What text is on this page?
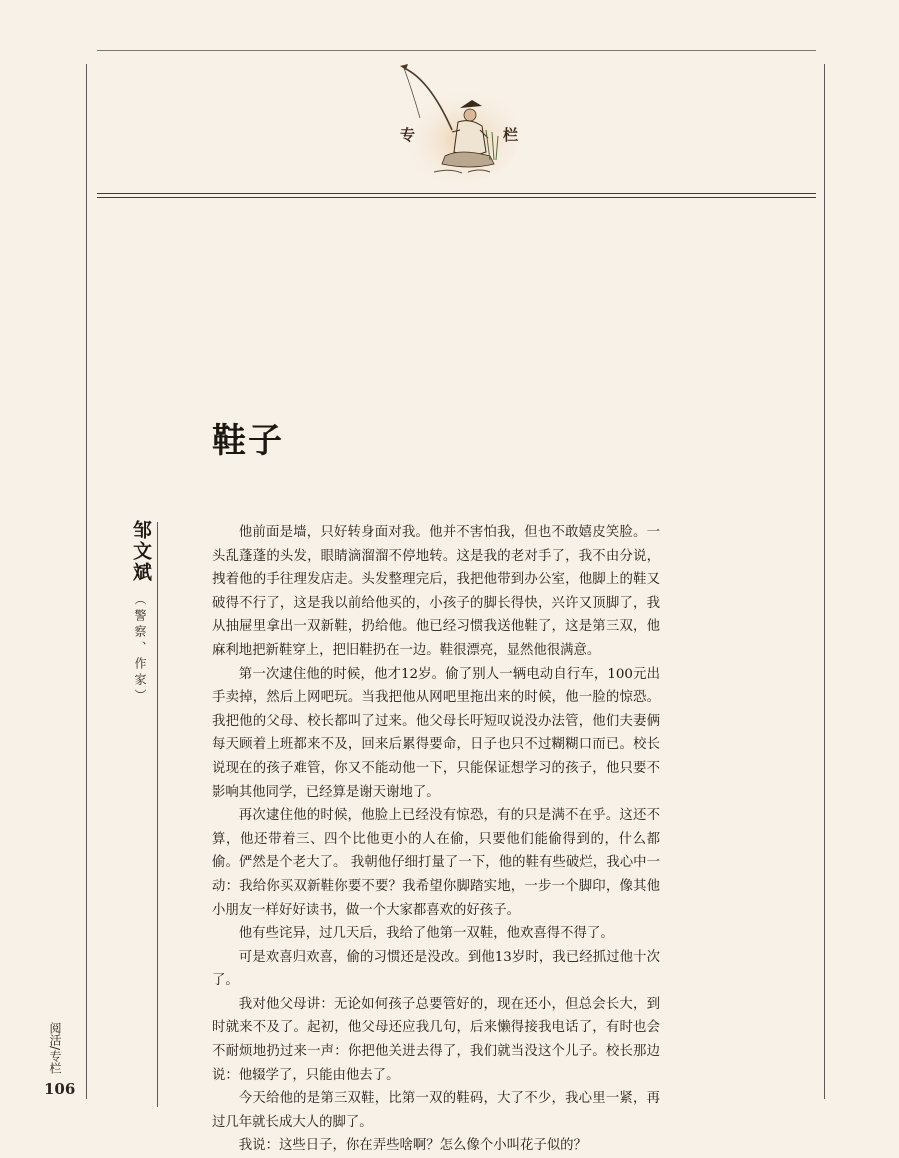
专	栏
鞋子
邹文斌
（警察、作家）

他前面是墙，只好转身面对我。他并不害怕我，但也不敢嬉皮笑脸。一头乱蓬蓬的头发，眼睛滴溜溜不停地转。这是我的老对手了，我不由分说，拽着他的手往理发店走。头发整理完后，我把他带到办公室，他脚上的鞋又破得不行了，这是我以前给他买的，小孩子的脚长得快，兴许又顶脚了，我从抽屉里拿出一双新鞋，扔给他。他已经习惯我送他鞋了，这是第三双，他麻利地把新鞋穿上，把旧鞋扔在一边。鞋很漂亮，显然他很满意。

第一次逮住他的时候，他才12岁。偷了别人一辆电动自行车，100元出手卖掉，然后上网吧玩。当我把他从网吧里拖出来的时候，他一脸的惊恐。我把他的父母、校长都叫了过来。他父母长吁短叹说没办法管，他们夫妻俩每天顾着上班都来不及，回来后累得要命，日子也只不过糊糊口而已。校长说现在的孩子难管，你又不能动他一下，只能保证想学习的孩子，他只要不影响其他同学，已经算是谢天谢地了。

再次逮住他的时候，他脸上已经没有惊恐，有的只是满不在乎。这还不算，他还带着三、四个比他更小的人在偷，只要他们能偷得到的，什么都偷。俨然是个老大了。 我朝他仔细打量了一下，他的鞋有些破烂，我心中一动：我给你买双新鞋你要不要？我希望你脚踏实地，一步一个脚印，像其他小朋友一样好好读书，做一个大家都喜欢的好孩子。

他有些诧异，过几天后，我给了他第一双鞋，他欢喜得不得了。

可是欢喜归欢喜，偷的习惯还是没改。到他13岁时，我已经抓过他十次了。

我对他父母讲：无论如何孩子总要管好的，现在还小，但总会长大，到时就来不及了。起初，他父母还应我几句，后来懒得接我电话了，有时也会不耐烦地扔过来一声：你把他关进去得了，我们就当没这个儿子。校长那边说：他辍学了，只能由他去了。

今天给他的是第三双鞋，比第一双的鞋码，大了不少，我心里一紧，再过几年就长成大人的脚了。

我说：这些日子，你在弄些啥啊？怎么像个小叫花子似的？

阅活/专栏
106
